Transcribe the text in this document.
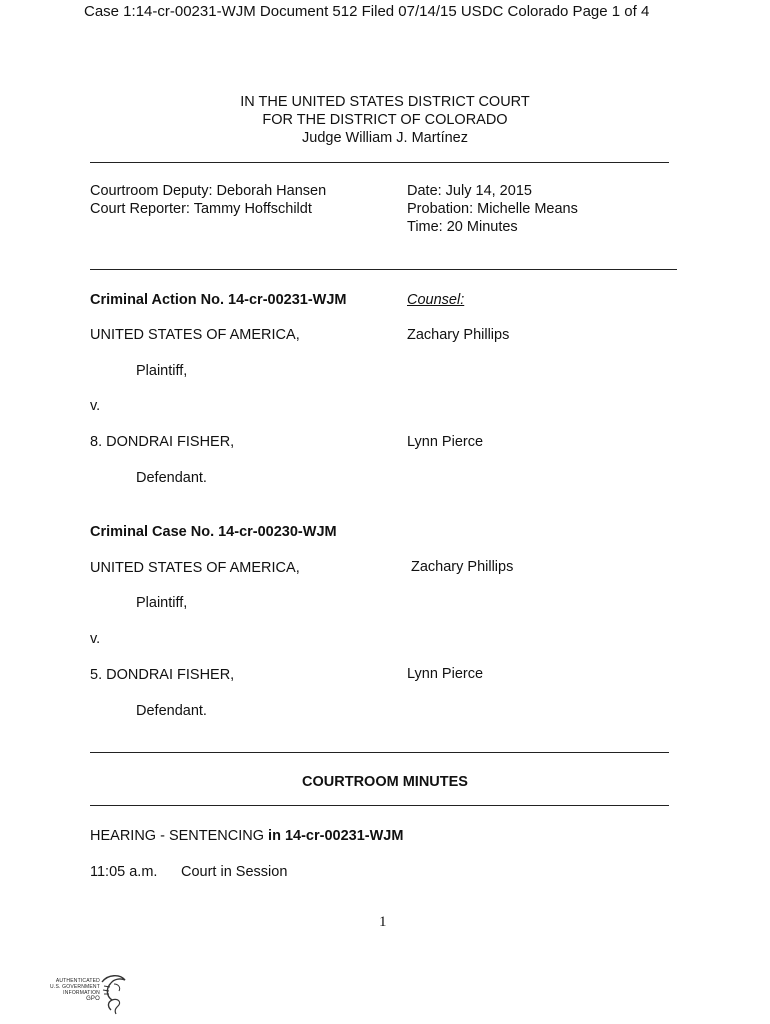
Case 1:14-cr-00231-WJM Document 512 Filed 07/14/15 USDC Colorado Page 1 of 4
IN THE UNITED STATES DISTRICT COURT
FOR THE DISTRICT OF COLORADO
Judge William J. Martínez
Courtroom Deputy: Deborah Hansen
Court Reporter: Tammy Hoffschildt
Date: July 14, 2015
Probation: Michelle Means
Time: 20 Minutes
Criminal Action No. 14-cr-00231-WJM	Counsel:
UNITED STATES OF AMERICA,	Zachary Phillips
Plaintiff,
v.
8. DONDRAI FISHER,	Lynn Pierce
Defendant.
Criminal Case No. 14-cr-00230-WJM
UNITED STATES OF AMERICA,	Zachary Phillips
Plaintiff,
v.
5. DONDRAI FISHER,	Lynn Pierce
Defendant.
COURTROOM MINUTES
HEARING - SENTENCING in 14-cr-00231-WJM
11:05 a.m. Court in Session
1
AUTHENTICATED
U.S. GOVERNMENT
INFORMATION
GPO
